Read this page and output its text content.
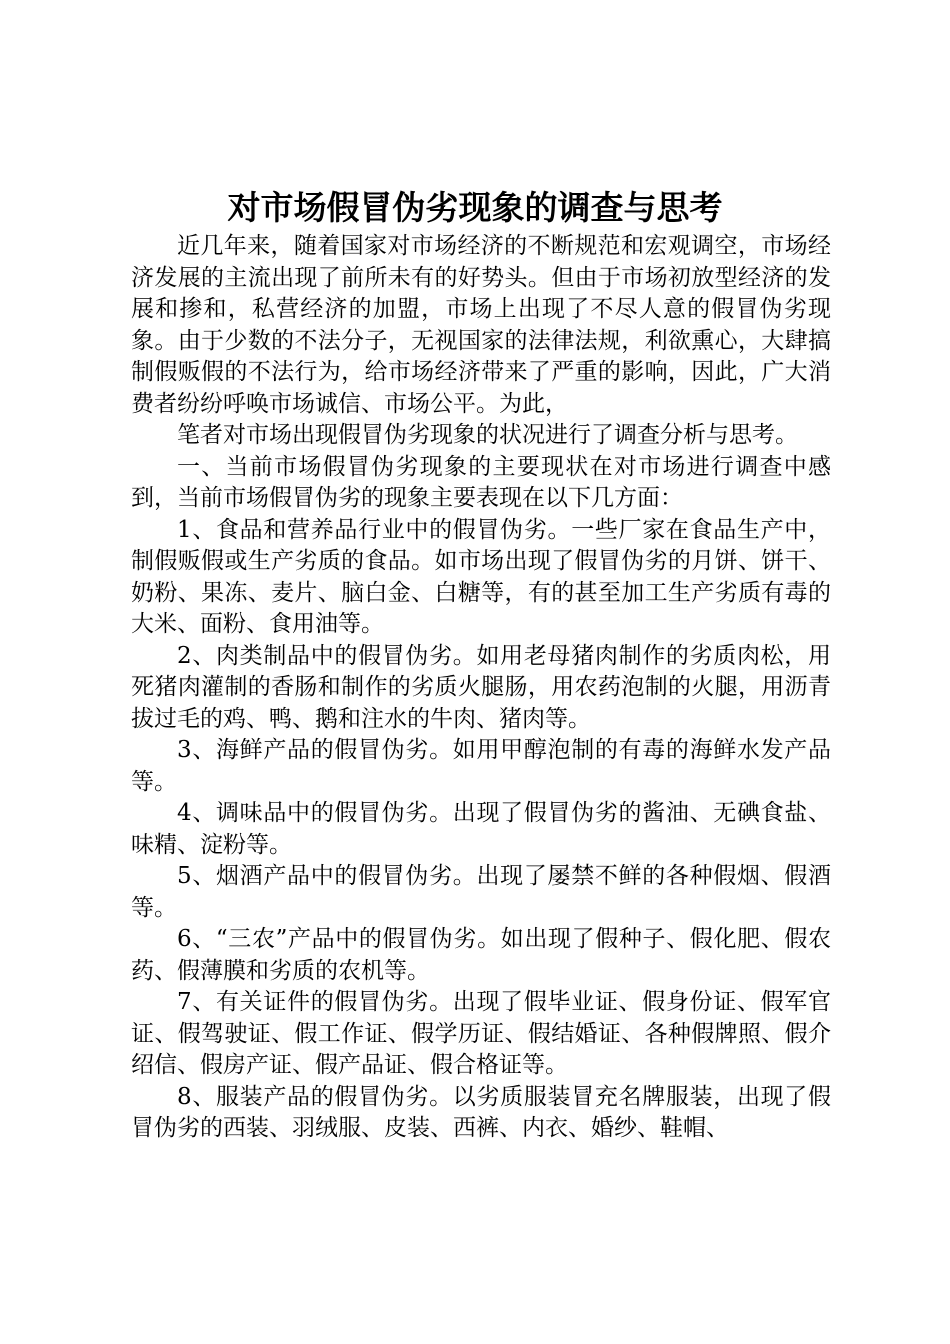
对市场假冒伪劣现象的调查与思考

近几年来，随着国家对市场经济的不断规范和宏观调空，市场经济发展的主流出现了前所未有的好势头。但由于市场初放型经济的发展和掺和，私营经济的加盟，市场上出现了不尽人意的假冒伪劣现象。由于少数的不法分子，无视国家的法律法规，利欲熏心，大肆搞制假贩假的不法行为，给市场经济带来了严重的影响，因此，广大消费者纷纷呼唤市场诚信、市场公平。为此，

笔者对市场出现假冒伪劣现象的状况进行了调查分析与思考。

一、当前市场假冒伪劣现象的主要现状在对市场进行调查中感到，当前市场假冒伪劣的现象主要表现在以下几方面：

1、食品和营养品行业中的假冒伪劣。一些厂家在食品生产中，制假贩假或生产劣质的食品。如市场出现了假冒伪劣的月饼、饼干、奶粉、果冻、麦片、脑白金、白糖等，有的甚至加工生产劣质有毒的大米、面粉、食用油等。

2、肉类制品中的假冒伪劣。如用老母猪肉制作的劣质肉松，用死猪肉灌制的香肠和制作的劣质火腿肠，用农药泡制的火腿，用沥青拔过毛的鸡、鸭、鹅和注水的牛肉、猪肉等。

3、海鲜产品的假冒伪劣。如用甲醇泡制的有毒的海鲜水发产品等。

4、调味品中的假冒伪劣。出现了假冒伪劣的酱油、无碘食盐、味精、淀粉等。

5、烟酒产品中的假冒伪劣。出现了屡禁不鲜的各种假烟、假酒等。

6、“三农”产品中的假冒伪劣。如出现了假种子、假化肥、假农药、假薄膜和劣质的农机等。

7、有关证件的假冒伪劣。出现了假毕业证、假身份证、假军官证、假驾驶证、假工作证、假学历证、假结婚证、各种假牌照、假介绍信、假房产证、假产品证、假合格证等。

8、服装产品的假冒伪劣。以劣质服装冒充名牌服装，出现了假冒伪劣的西装、羽绒服、皮装、西裤、内衣、婚纱、鞋帽、
